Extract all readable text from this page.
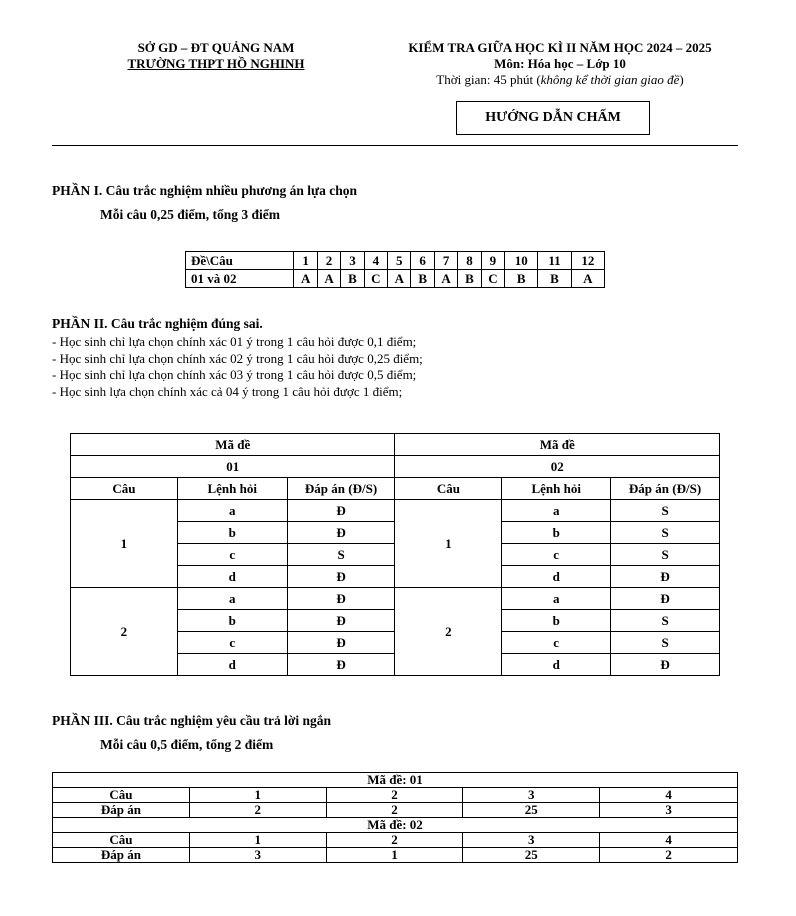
SỞ GD – ĐT QUẢNG NAM
TRƯỜNG THPT HỒ NGHINH
KIỂM TRA GIỮA HỌC KÌ II NĂM HỌC 2024 – 2025
Môn: Hóa học – Lớp 10
Thời gian: 45 phút (không kể thời gian giao đề)
HƯỚNG DẪN CHẤM
PHẦN I. Câu trắc nghiệm nhiều phương án lựa chọn
Mỗi câu 0,25 điểm, tổng 3 điểm
Đề\Câu	1	2	3	4	5	6	7	8	9	10	11	12
01 và 02	A	A	B	C	A	B	A	B	C	B	B	A
PHẦN II. Câu trắc nghiệm đúng sai.
- Học sinh chỉ lựa chọn chính xác 01 ý trong 1 câu hỏi được 0,1 điểm;
- Học sinh chỉ lựa chọn chính xác 02 ý trong 1 câu hỏi được 0,25 điểm;
- Học sinh chỉ lựa chọn chính xác 03 ý trong 1 câu hỏi được 0,5 điểm;
- Học sinh lựa chọn chính xác cả 04 ý trong 1 câu hỏi được 1 điểm;
Mã đề			Mã đề		
01			02		
Câu	Lệnh hỏi	Đáp án (Đ/S)	Câu	Lệnh hỏi	Đáp án (Đ/S)
1	a	Đ	1	a	S
	b	Đ		b	S
	c	S		c	S
	d	Đ		d	Đ
2	a	Đ	2	a	Đ
	b	Đ		b	S
	c	Đ		c	S
	d	Đ		d	Đ
PHẦN III. Câu trắc nghiệm yêu cầu trả lời ngắn
Mỗi câu 0,5 điểm, tổng 2 điểm
Mã đề: 01				
Câu	1	2	3	4
Đáp án	2	2	25	3
Mã đề: 02				
Câu	1	2	3	4
Đáp án	3	1	25	2
